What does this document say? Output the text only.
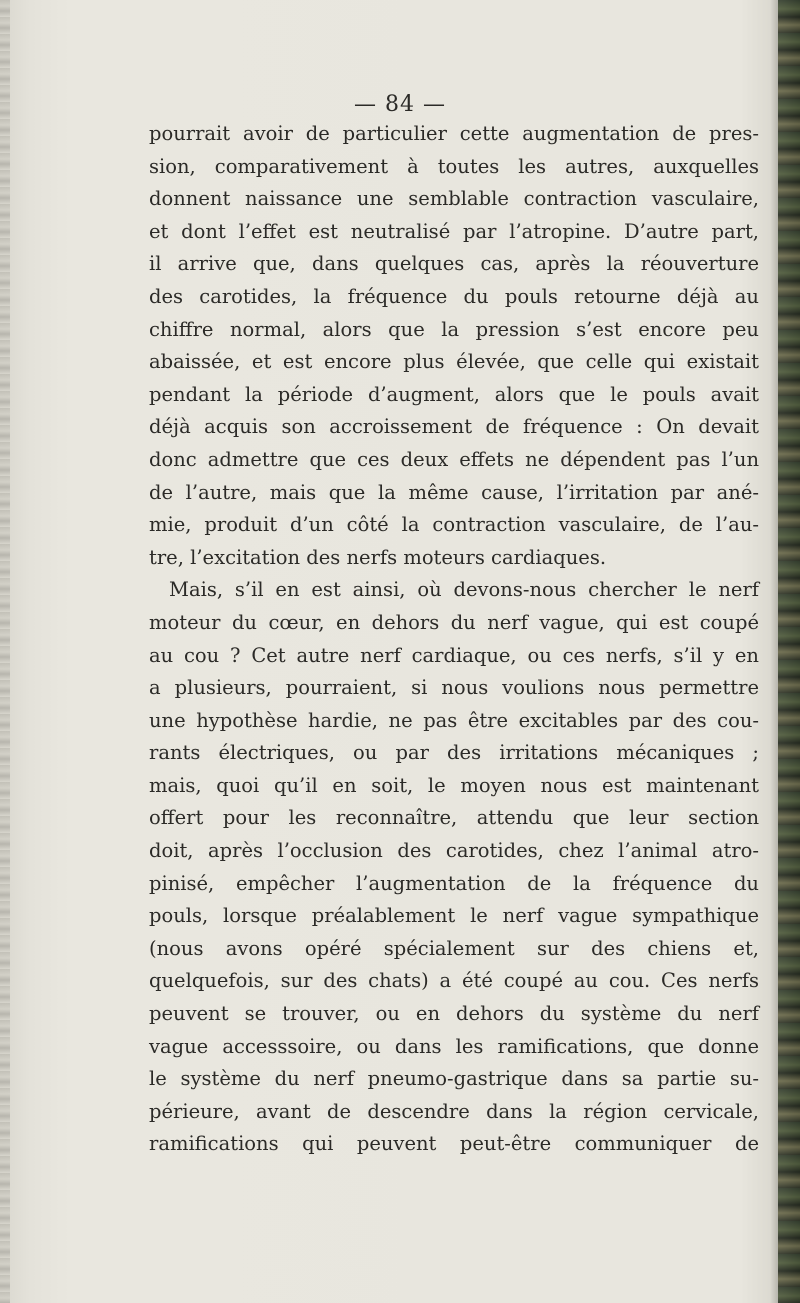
— 84 —
pourrait avoir de particulier cette augmentation de pres-
sion, comparativement à toutes les autres, auxquelles
donnent naissance une semblable contraction vasculaire,
et dont l’effet est neutralisé par l’atropine. D’autre part,
il arrive que, dans quelques cas, après la réouverture
des carotides, la fréquence du pouls retourne déjà au
chiffre normal, alors que la pression s’est encore peu
abaissée, et est encore plus élevée, que celle qui existait
pendant la période d’augment, alors que le pouls avait
déjà acquis son accroissement de fréquence : On devait
donc admettre que ces deux effets ne dépendent pas l’un
de l’autre, mais que la même cause, l’irritation par ané-
mie, produit d’un côté la contraction vasculaire, de l’au-
tre, l’excitation des nerfs moteurs cardiaques.
Mais, s’il en est ainsi, où devons-nous chercher le nerf
moteur du cœur, en dehors du nerf vague, qui est coupé
au cou ? Cet autre nerf cardiaque, ou ces nerfs, s’il y en
a plusieurs, pourraient, si nous voulions nous permettre
une hypothèse hardie, ne pas être excitables par des cou-
rants électriques, ou par des irritations mécaniques ;
mais, quoi qu’il en soit, le moyen nous est maintenant
offert pour les reconnaître, attendu que leur section
doit, après l’occlusion des carotides, chez l’animal atro-
pinisé, empêcher l’augmentation de la fréquence du
pouls, lorsque préalablement le nerf vague sympathique
(nous avons opéré spécialement sur des chiens et,
quelquefois, sur des chats) a été coupé au cou. Ces nerfs
peuvent se trouver, ou en dehors du système du nerf
vague accesssoire, ou dans les ramifications, que donne
le système du nerf pneumo-gastrique dans sa partie su-
périeure, avant de descendre dans la région cervicale,
ramifications qui peuvent peut-être communiquer de
